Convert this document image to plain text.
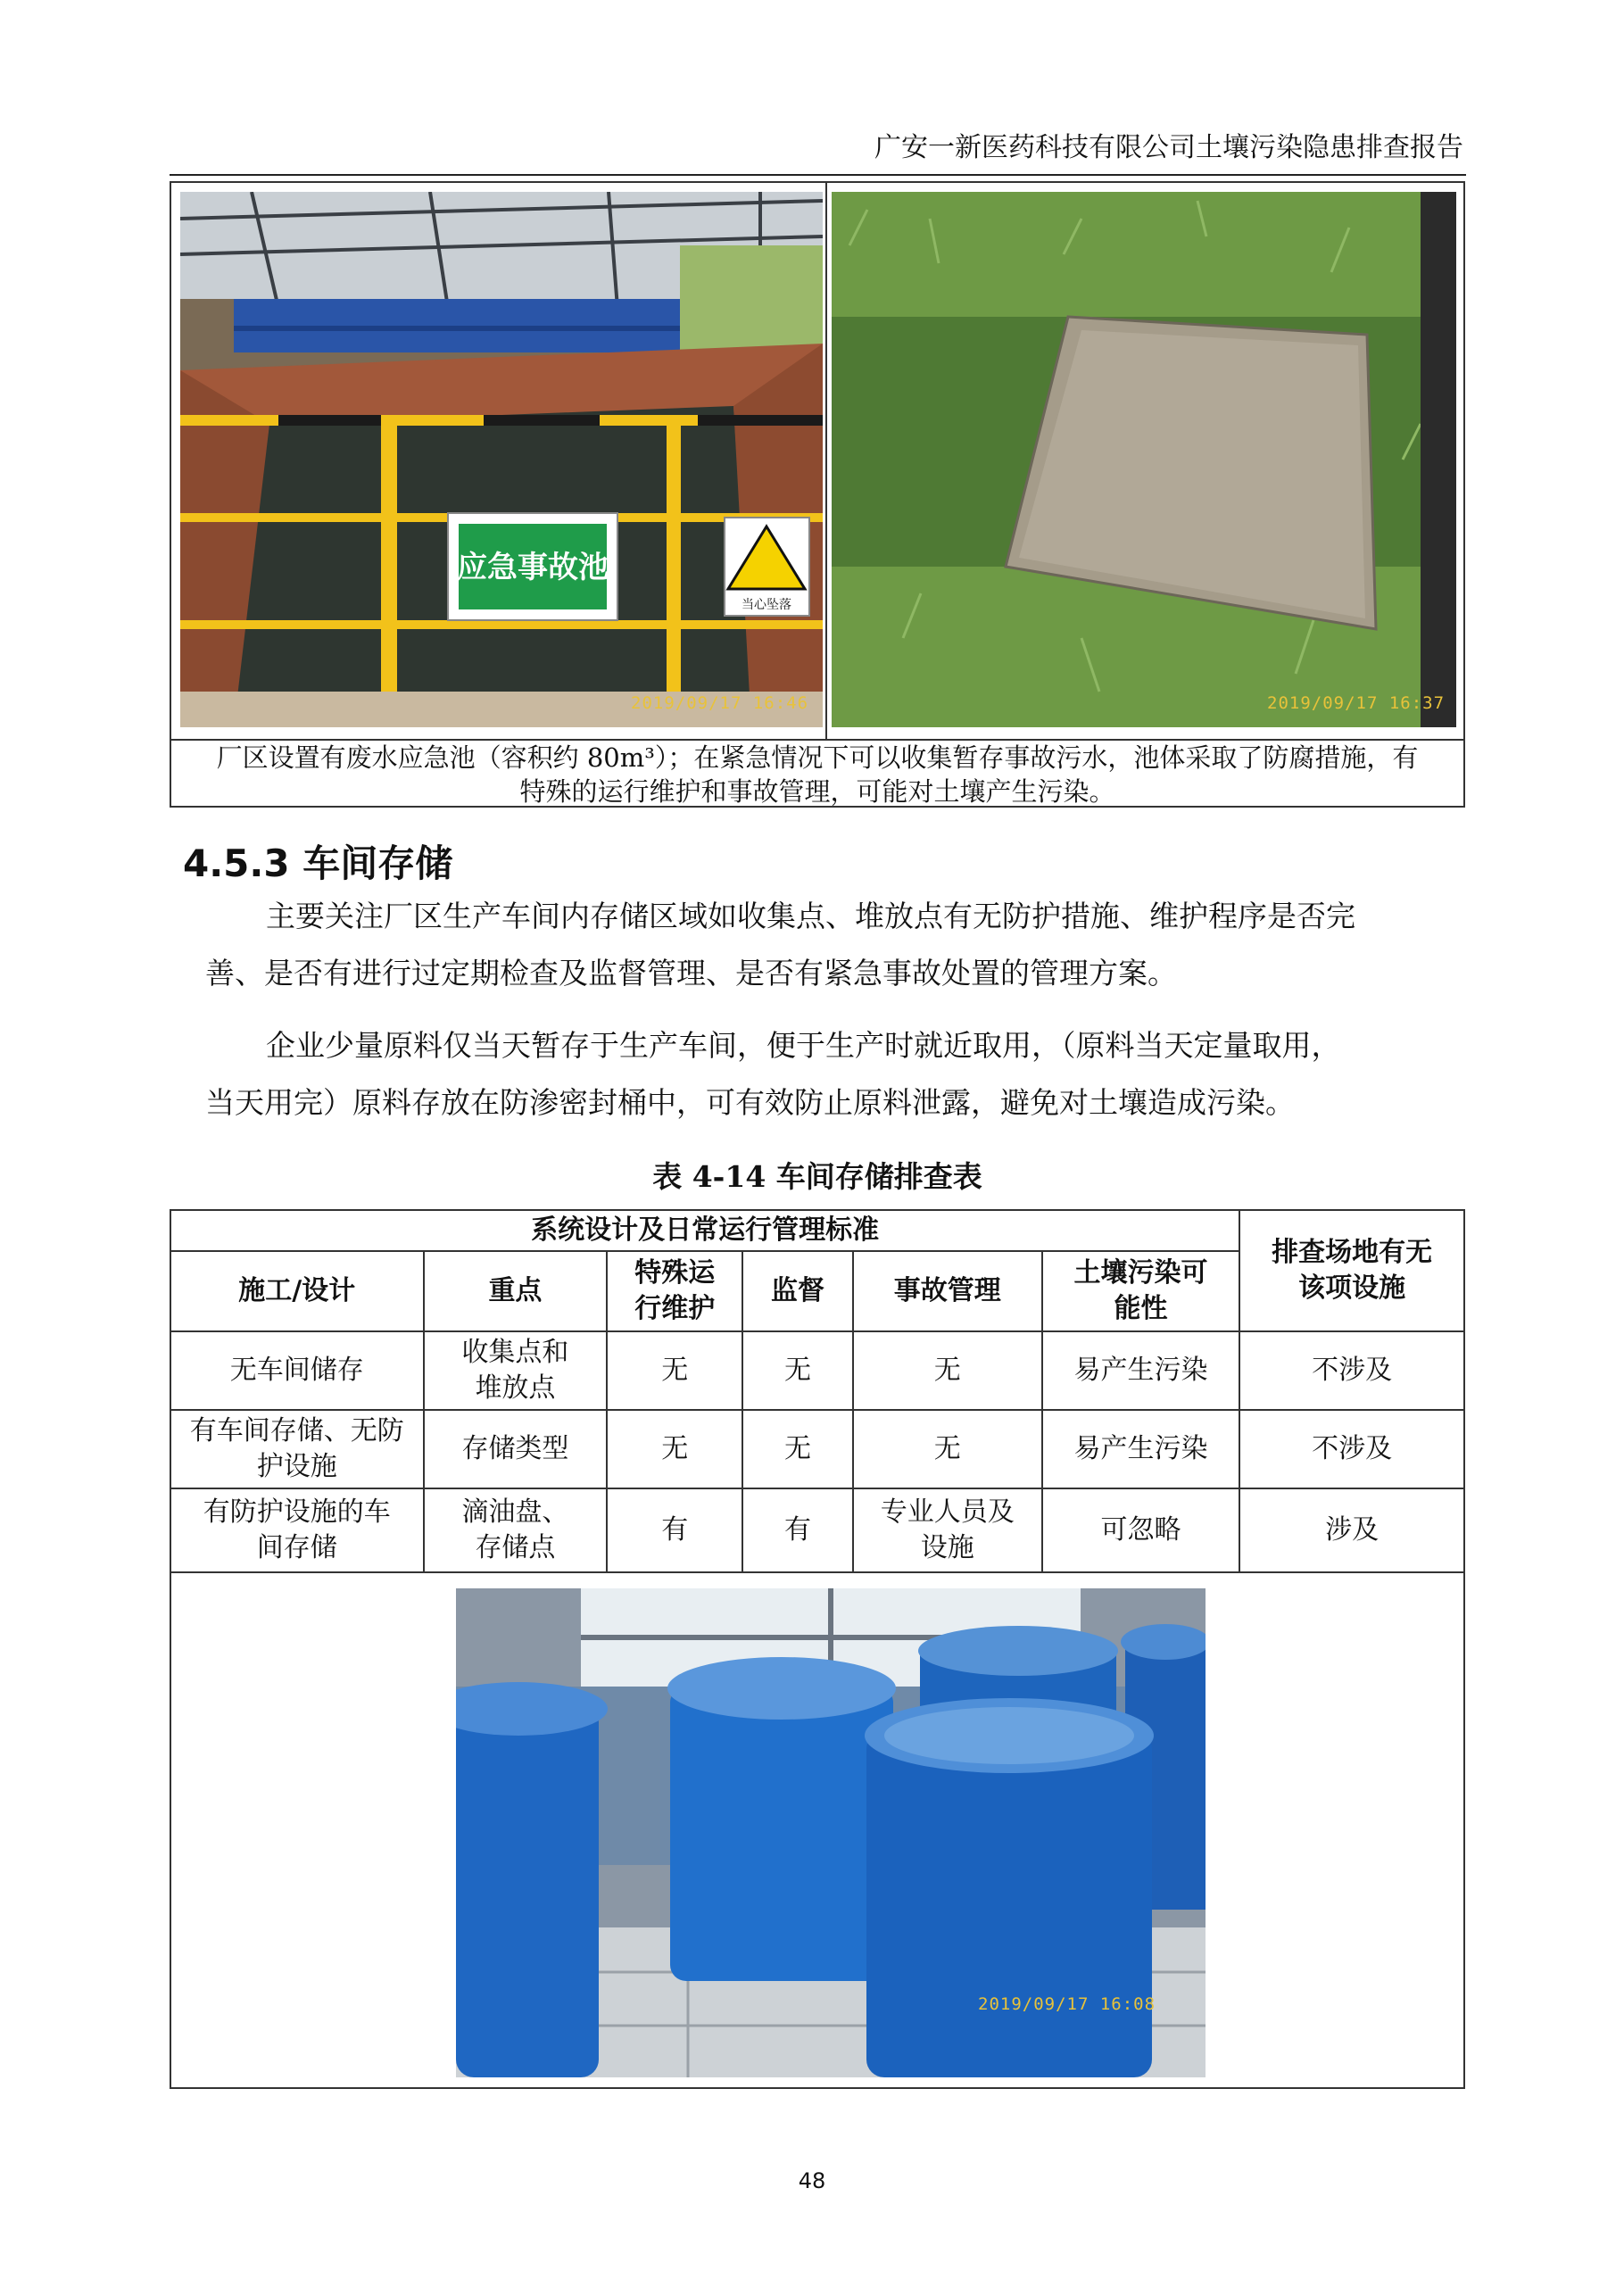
广安一新医药科技有限公司土壤污染隐患排查报告
应急事故池
当心坠落
2019/09/17 16:46	2019/09/17 16:37
厂区设置有废水应急池（容积约 80m³）；在紧急情况下可以收集暂存事故污水，池体采取了防腐措施，有
特殊的运行维护和事故管理，可能对土壤产生污染。
4.5.3 车间存储
主要关注厂区生产车间内存储区域如收集点、堆放点有无防护措施、维护程序是否完
善、是否有进行过定期检查及监督管理、是否有紧急事故处置的管理方案。
企业少量原料仅当天暂存于生产车间，便于生产时就近取用，（原料当天定量取用，
当天用完）原料存放在防渗密封桶中，可有效防止原料泄露，避免对土壤造成污染。
表 4-14 车间存储排查表
系统设计及日常运行管理标准						排查场地有无该项设施
施工/设计	重点	特殊运行维护	监督	事故管理	土壤污染可能性	
无车间储存	收集点和堆放点	无	无	无	易产生污染	不涉及
有车间存储、无防护设施	存储类型	无	无	无	易产生污染	不涉及
有防护设施的车间存储	滴油盘、存储点	有	有	专业人员及设施	可忽略	涉及
2019/09/17 16:08
48
